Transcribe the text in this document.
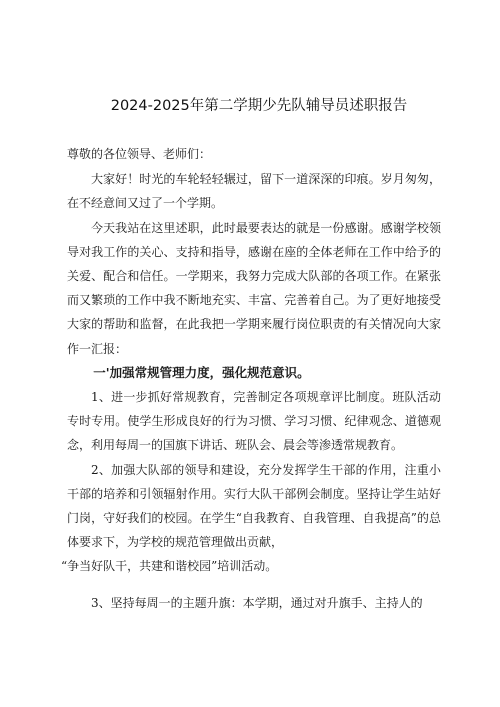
2024-2025年第二学期少先队辅导员述职报告

尊敬的各位领导、老师们：

大家好！时光的车轮轻轻辗过，留下一道深深的印痕。岁月匆匆，在不经意间又过了一个学期。

今天我站在这里述职，此时最要表达的就是一份感谢。感谢学校领导对我工作的关心、支持和指导，感谢在座的全体老师在工作中给予的关爱、配合和信任。一学期来，我努力完成大队部的各项工作。在紧张而又繁琐的工作中我不断地充实、丰富、完善着自己。为了更好地接受大家的帮助和监督，在此我把一学期来履行岗位职责的有关情况向大家作一汇报：

一'加强常规管理力度，强化规范意识。

1、进一步抓好常规教育，完善制定各项规章评比制度。班队活动专时专用。使学生形成良好的行为习惯、学习习惯、纪律观念、道德观念，利用每周一的国旗下讲话、班队会、晨会等渗透常规教育。

2、加强大队部的领导和建设，充分发挥学生干部的作用，注重小干部的培养和引领辐射作用。实行大队干部例会制度。坚持让学生站好门岗，守好我们的校园。在学生“自我教育、自我管理、自我提高”的总体要求下，为学校的规范管理做出贡献，

“争当好队干，共建和谐校园”培训活动。

3、坚持每周一的主题升旗：本学期，通过对升旗手、主持人的
